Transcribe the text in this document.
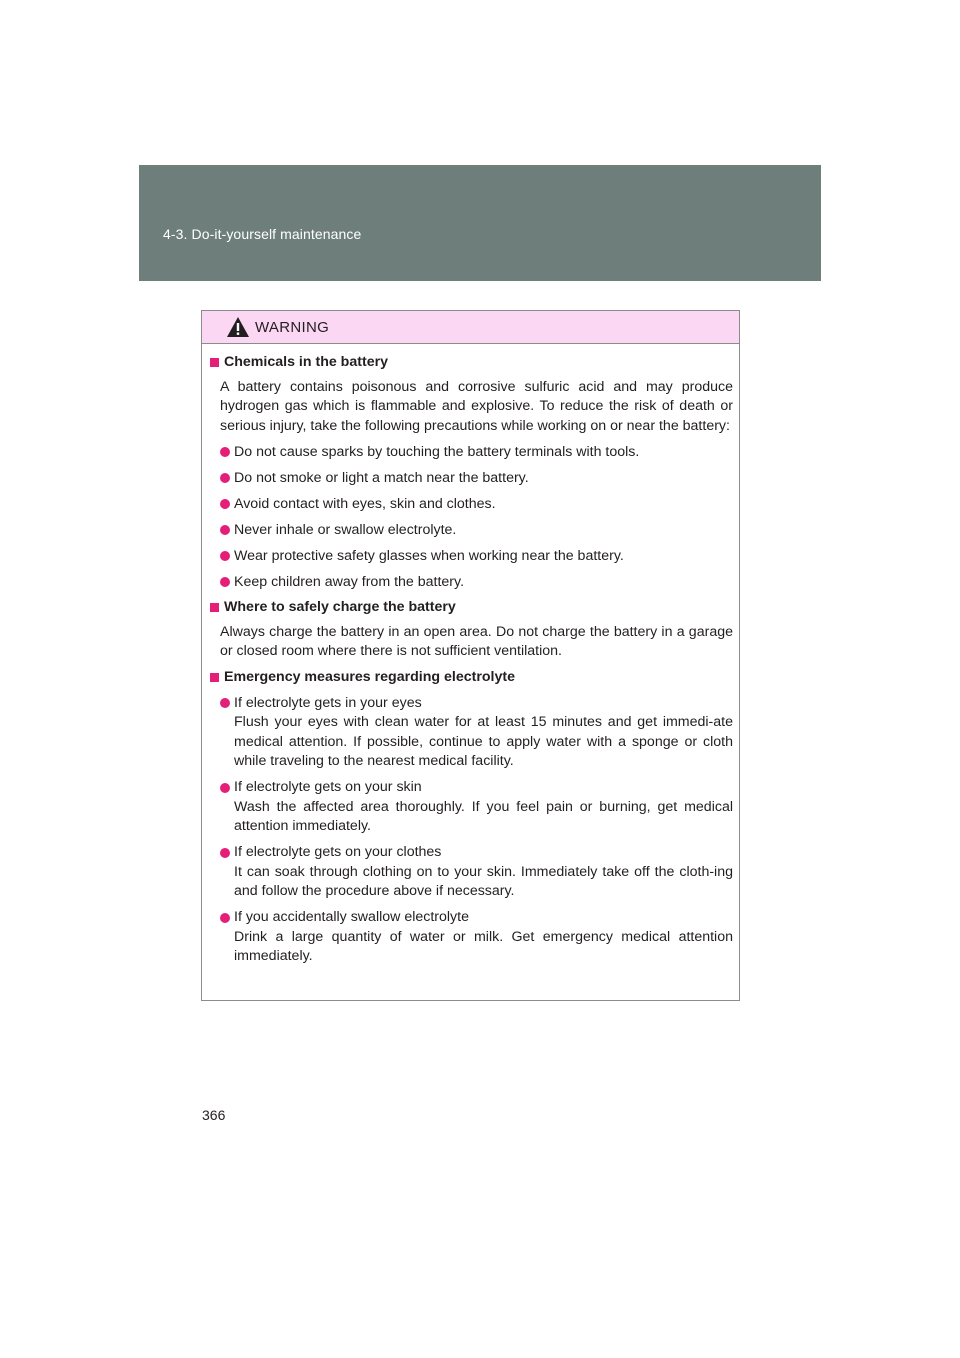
4-3. Do-it-yourself maintenance
WARNING
Chemicals in the battery
A battery contains poisonous and corrosive sulfuric acid and may produce hydrogen gas which is flammable and explosive. To reduce the risk of death or serious injury, take the following precautions while working on or near the battery:
Do not cause sparks by touching the battery terminals with tools.
Do not smoke or light a match near the battery.
Avoid contact with eyes, skin and clothes.
Never inhale or swallow electrolyte.
Wear protective safety glasses when working near the battery.
Keep children away from the battery.
Where to safely charge the battery
Always charge the battery in an open area. Do not charge the battery in a garage or closed room where there is not sufficient ventilation.
Emergency measures regarding electrolyte
If electrolyte gets in your eyes
Flush your eyes with clean water for at least 15 minutes and get immedi-ate medical attention. If possible, continue to apply water with a sponge or cloth while traveling to the nearest medical facility.
If electrolyte gets on your skin
Wash the affected area thoroughly. If you feel pain or burning, get medical attention immediately.
If electrolyte gets on your clothes
It can soak through clothing on to your skin. Immediately take off the cloth-ing and follow the procedure above if necessary.
If you accidentally swallow electrolyte
Drink a large quantity of water or milk. Get emergency medical attention immediately.
366
